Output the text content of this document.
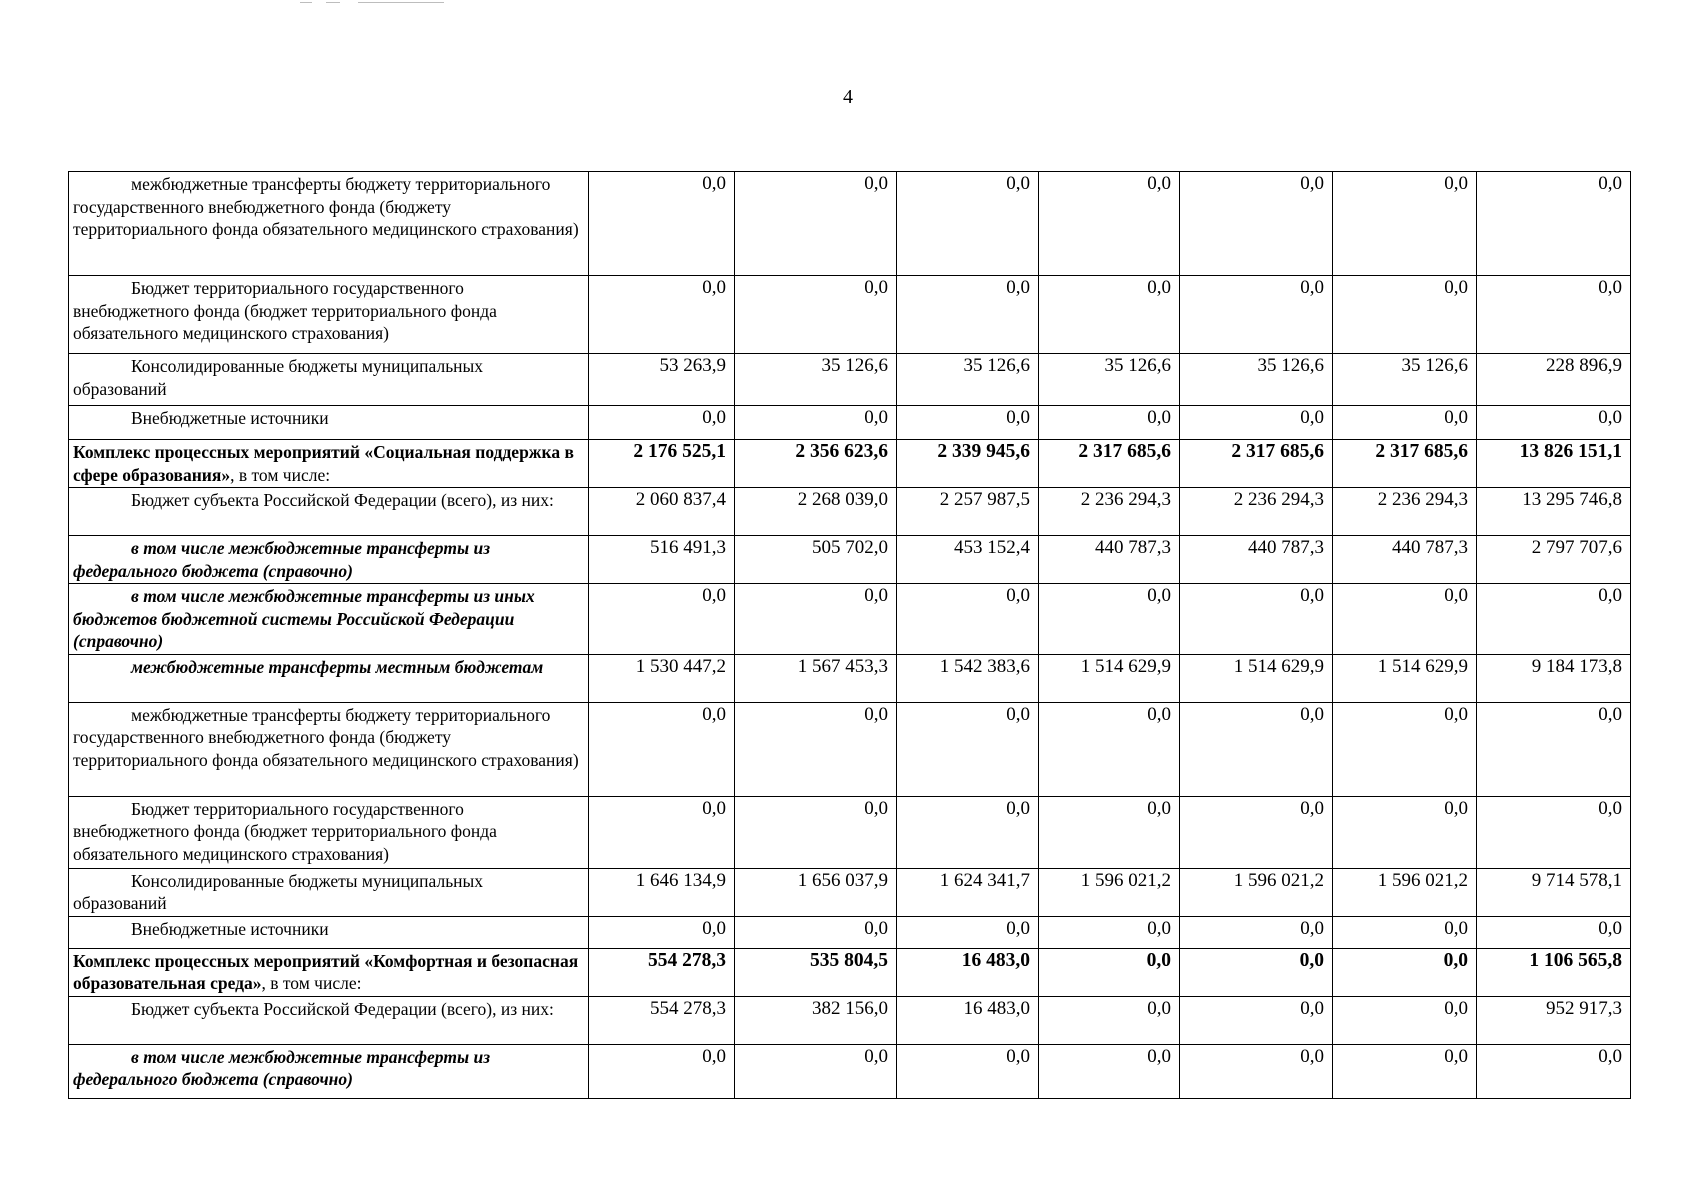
4
межбюджетные трансферты бюджету территориального государственного внебюджетного фонда (бюджету территориального фонда обязательного медицинского страхования)	0,0	0,0	0,0	0,0	0,0	0,0	0,0
Бюджет территориального государственного внебюджетного фонда (бюджет территориального фонда обязательного медицинского страхования)	0,0	0,0	0,0	0,0	0,0	0,0	0,0
Консолидированные бюджеты муниципальных образований	53 263,9	35 126,6	35 126,6	35 126,6	35 126,6	35 126,6	228 896,9
Внебюджетные источники	0,0	0,0	0,0	0,0	0,0	0,0	0,0
Комплекс процессных мероприятий «Социальная поддержка в сфере образования», в том числе:	2 176 525,1	2 356 623,6	2 339 945,6	2 317 685,6	2 317 685,6	2 317 685,6	13 826 151,1
Бюджет субъекта Российской Федерации (всего), из них:	2 060 837,4	2 268 039,0	2 257 987,5	2 236 294,3	2 236 294,3	2 236 294,3	13 295 746,8
в том числе межбюджетные трансферты из федерального бюджета (справочно)	516 491,3	505 702,0	453 152,4	440 787,3	440 787,3	440 787,3	2 797 707,6
в том числе межбюджетные трансферты из иных бюджетов бюджетной системы Российской Федерации (справочно)	0,0	0,0	0,0	0,0	0,0	0,0	0,0
межбюджетные трансферты местным бюджетам	1 530 447,2	1 567 453,3	1 542 383,6	1 514 629,9	1 514 629,9	1 514 629,9	9 184 173,8
межбюджетные трансферты бюджету территориального государственного внебюджетного фонда (бюджету территориального фонда обязательного медицинского страхования)	0,0	0,0	0,0	0,0	0,0	0,0	0,0
Бюджет территориального государственного внебюджетного фонда (бюджет территориального фонда обязательного медицинского страхования)	0,0	0,0	0,0	0,0	0,0	0,0	0,0
Консолидированные бюджеты муниципальных образований	1 646 134,9	1 656 037,9	1 624 341,7	1 596 021,2	1 596 021,2	1 596 021,2	9 714 578,1
Внебюджетные источники	0,0	0,0	0,0	0,0	0,0	0,0	0,0
Комплекс процессных мероприятий «Комфортная и безопасная образовательная среда», в том числе:	554 278,3	535 804,5	16 483,0	0,0	0,0	0,0	1 106 565,8
Бюджет субъекта Российской Федерации (всего), из них:	554 278,3	382 156,0	16 483,0	0,0	0,0	0,0	952 917,3
в том числе межбюджетные трансферты из федерального бюджета (справочно)	0,0	0,0	0,0	0,0	0,0	0,0	0,0
